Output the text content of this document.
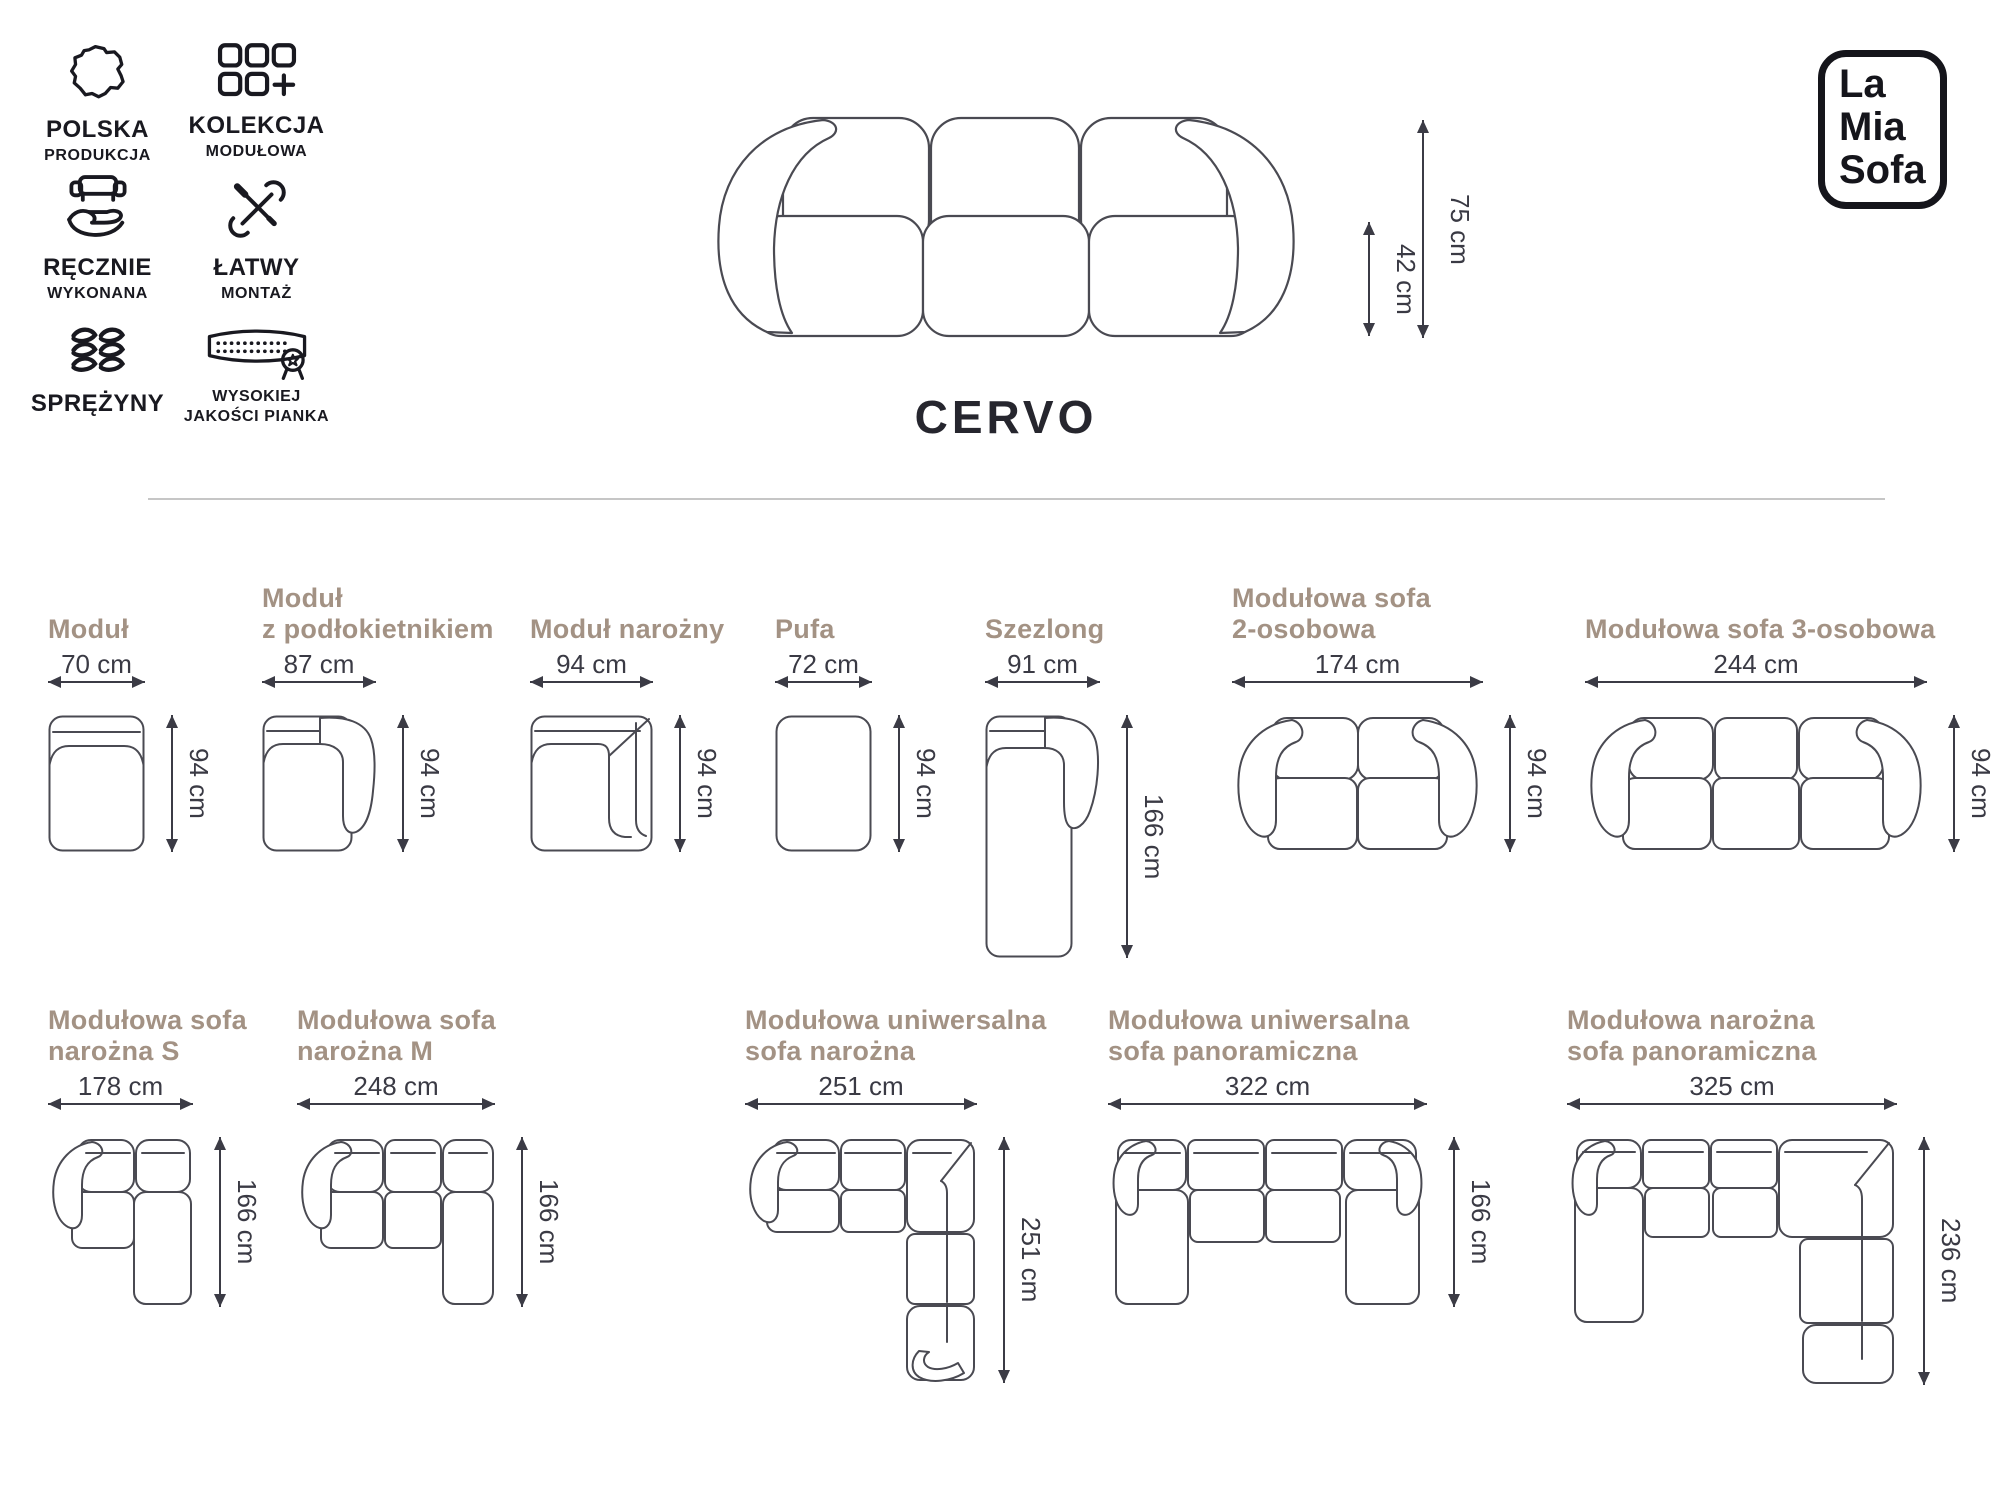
POLSKA
PRODUKCJA
KOLEKCJA
MODUŁOWA
RĘCZNIE
WYKONANA
ŁATWY
MONTAŻ
SPRĘŻYNY	WYSOKIEJ
JAKOŚCI PIANKA
La
Mia
Sofa
42 cm
75 cm
CERVO
Moduł
70 cm
94 cm
Moduł
z podłokietnikiem
87 cm
94 cm
Moduł narożny
94 cm
94 cm
Pufa
72 cm
94 cm
Szezlong
91 cm
166 cm
Modułowa sofa
2-osobowa
174 cm
94 cm
Modułowa sofa 3-osobowa
244 cm
94 cm
Modułowa sofa
narożna S
178 cm
166 cm
Modułowa sofa
narożna M
248 cm
166 cm
Modułowa uniwersalna
sofa narożna
251 cm
251 cm
Modułowa uniwersalna
sofa panoramiczna
322 cm
166 cm
Modułowa narożna
sofa panoramiczna
325 cm
236 cm
